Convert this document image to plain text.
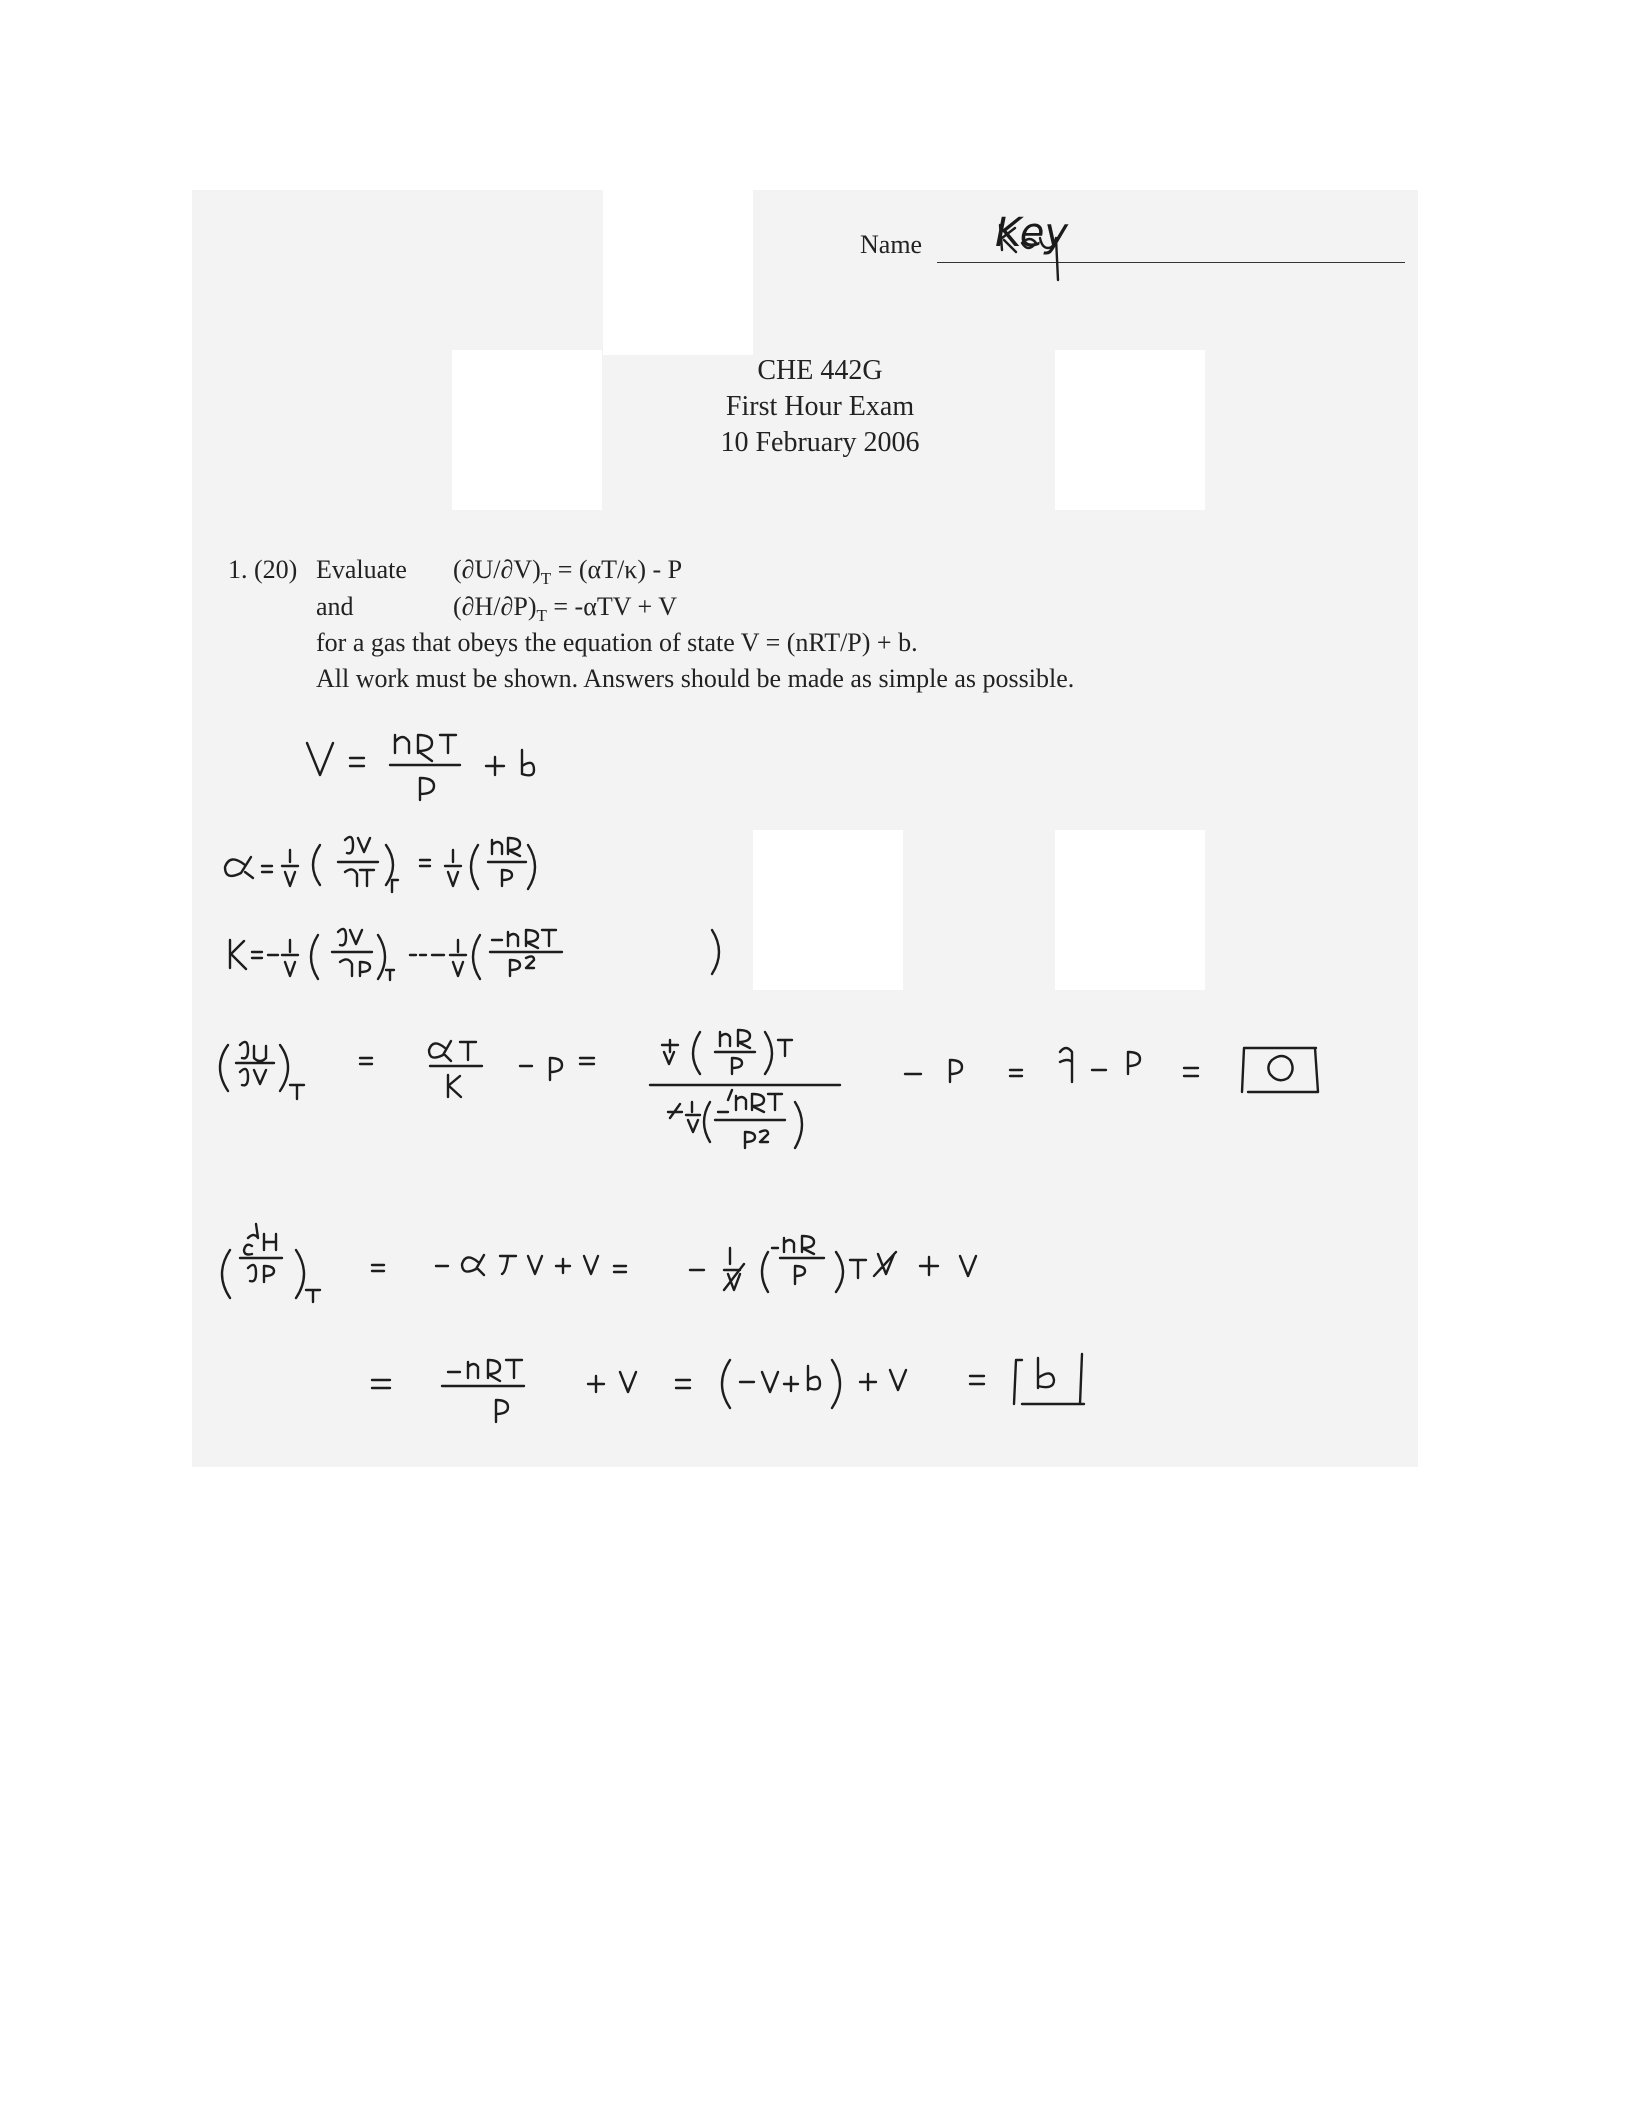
Name Key
CHE 442G
First Hour Exam
10 February 2006
1. (20) Evaluate $(\partial U/\partial V)_T = (\alpha T/\kappa) - P$
and	$(\partial H/\partial P)_T = -\alpha TV + V$
for a gas that obeys the equation of state V = (nRT/P) + b.
All work must be shown. Answers should be made as simple as possible.
